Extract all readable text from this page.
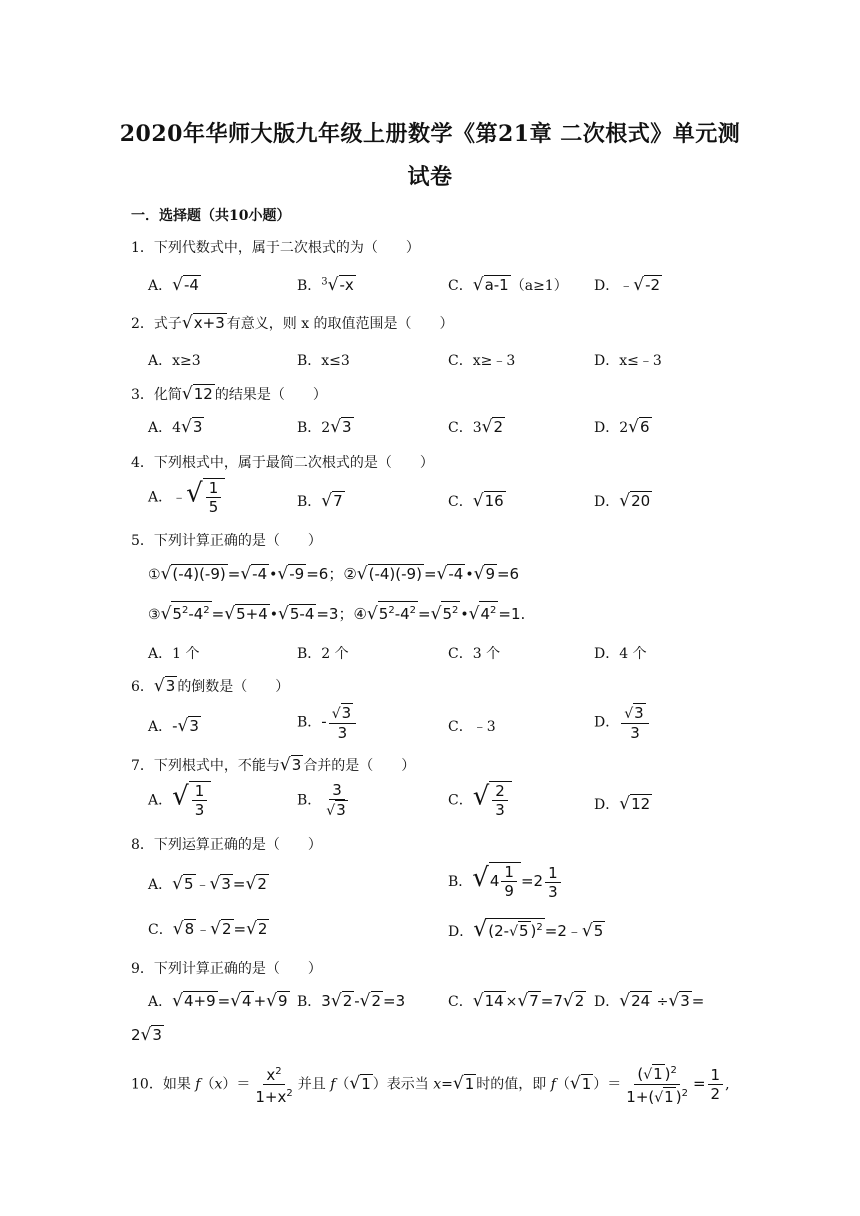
2020年华师大版九年级上册数学《第21章 二次根式》单元测
试卷
一．选择题（共10小题）
1．下列代数式中，属于二次根式的为（　　）
A．√-4	B．$^3$√-x	C．√a-1 （a≥1） D．﹣√-2
2．式子√x+3 有意义，则 x 的取值范围是（　　）
A．x≥3	B．x≤3	C．x≥﹣3	D．x≤﹣3
3．化简√12 的结果是（　　）
A．4√3	B．2√3	C．3√2	D．2√6
4．下列根式中，属于最简二次根式的是（　　）
A．﹣√ $\frac{1}{5}$	B．√7	C．√16	D．√20
5．下列计算正确的是（　　）
①√(-4)(-9) =√-4 •√-9 =6；②√(-4)(-9) =√-4 •√9 =6
$③√5^2-4^2 =√5+4$ •√5-4 =3；$④√5^2-4^2 =√5^2$ $•√4^2 =1$.
A．1 个	B．2 个	C．3 个	D．4 个
6．√3 的倒数是（　　）
A．-√3	B．- $\frac{√3}{3}$	C．﹣3	D． $\frac{√3}{3}$
7．下列根式中，不能与√3 合并的是（　　）
A．√ $\frac{1}{3}$	B． $\frac{3}{√3}$	C．√ $\frac{2}{3}$	D．√12
8．下列运算正确的是（　　）
A．√5 ﹣√3 =√2	B．$√4 \frac{1}{9} =2 \frac{1}{3}$
C．√8 ﹣√2 =√2	D．√(2-√5 )$^2$ =2﹣√5
9．下列计算正确的是（　　）
A．√4+9 =√4 +√9 B．3√2 -√2 =3	C．√14 ×√7 =7√2 D．√24 ÷√3 =
2√3
10．如果 $f(x)= \frac{x^2}{1+x^2}$ 并且 f（√1 ）表示当 x=√1 时的值，即 f（√1 ）＝ $\frac{(√1 )^2}{1+(√1 )^2} = \frac{1}{2}$ ,
